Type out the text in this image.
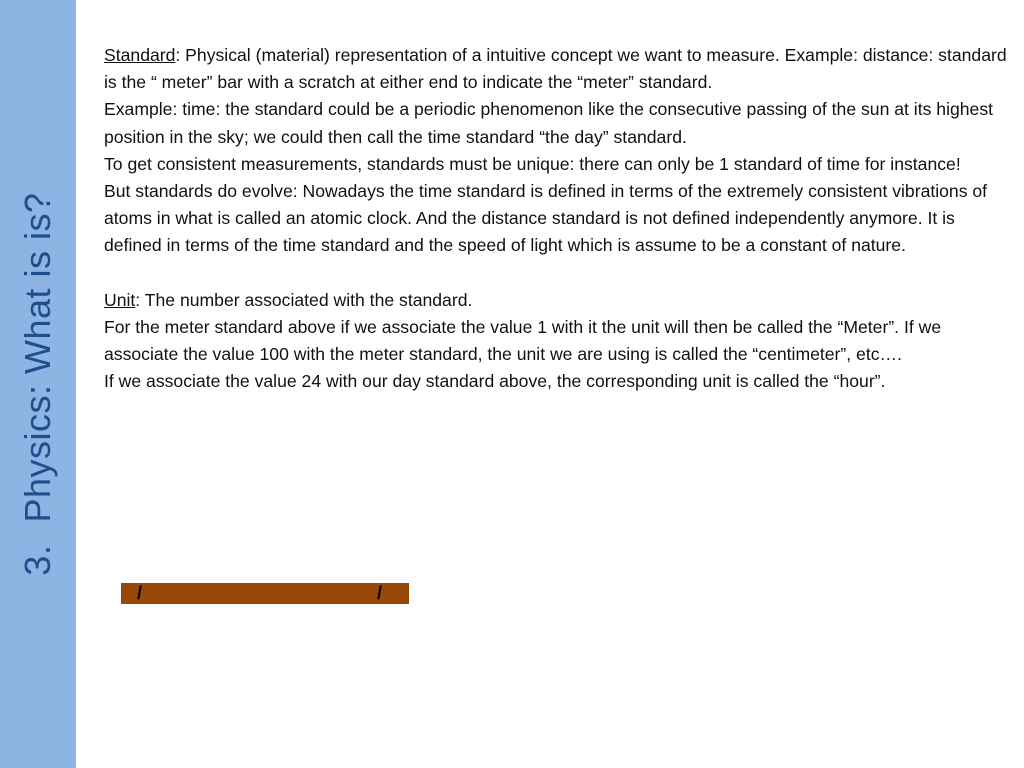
3.Physics: What is is?

Standard: Physical (material) representation of a intuitive concept we want to measure. Example: distance: standard is the “ meter” bar with a scratch at either end to indicate the “meter” standard.

Example: time: the standard could be a periodic phenomenon like the consecutive passing of the sun at its highest position in the sky; we could then call the time standard “the day” standard.

To get consistent measurements, standards must be unique: there can only be 1 standard of time for instance!

But standards do evolve: Nowadays the time standard is defined in terms of the extremely consistent vibrations of atoms in what is called an atomic clock. And the distance standard is not defined independently anymore. It is defined in terms of the time standard and the speed of light which is assume to be a constant of nature.

Unit: The number associated with the standard.

For the meter standard above if we associate the value 1 with it the unit will then be called the “Meter”. If we associate the value 100 with the meter standard, the unit we are using is called the “centimeter”, etc….

If we associate the value 24 with our day standard above, the corresponding unit is called the “hour”.

/	/
